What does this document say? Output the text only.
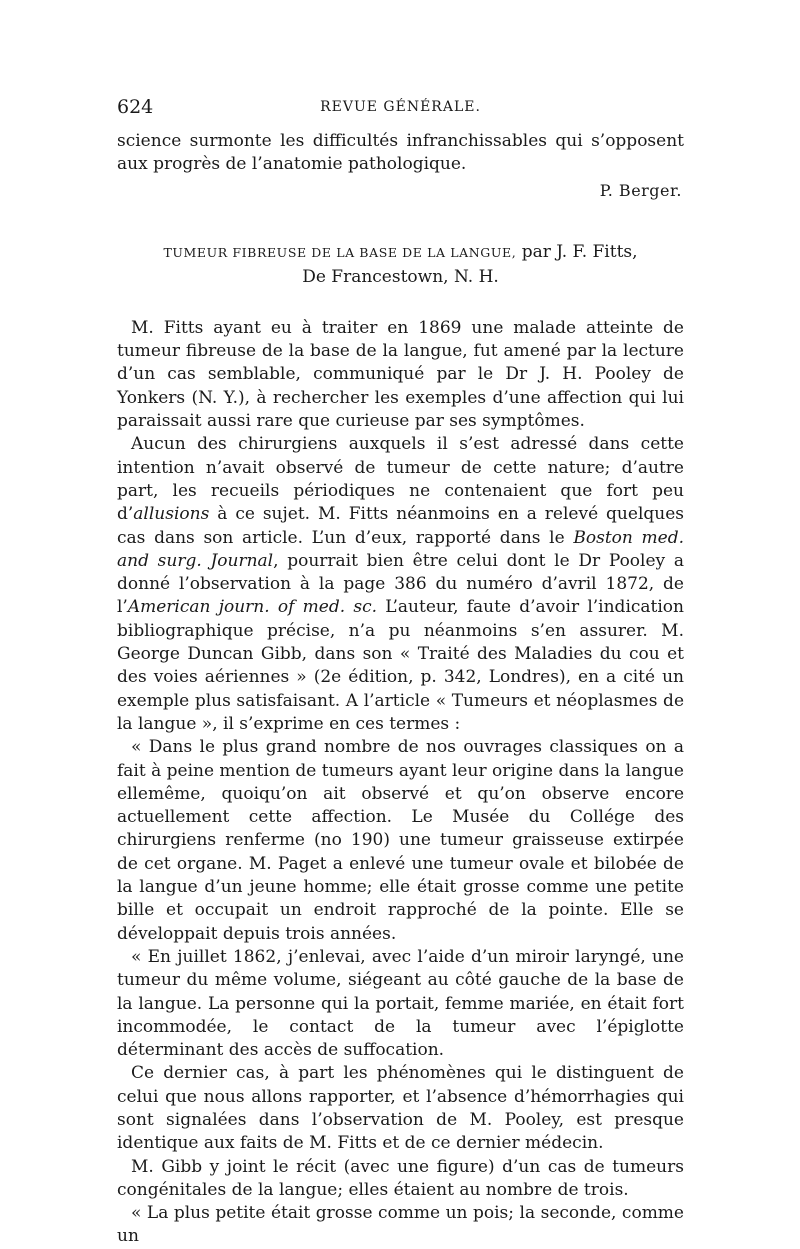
624	REVUE GÉNÉRALE.

science surmonte les difficultés infranchissables qui s’opposent aux progrès de l’anatomie pathologique.

P. Berger.

TUMEUR FIBREUSE DE LA BASE DE LA LANGUE, par J. F. Fitts,
De Francestown, N. H.

M. Fitts ayant eu à traiter en 1869 une malade atteinte de tumeur fibreuse de la base de la langue, fut amené par la lecture d’un cas semblable, communiqué par le Dr J. H. Pooley de Yonkers (N. Y.), à rechercher les exemples d’une affection qui lui paraissait aussi rare que curieuse par ses symptômes.

Aucun des chirurgiens auxquels il s’est adressé dans cette intention n’avait observé de tumeur de cette nature; d’autre part, les recueils périodiques ne contenaient que fort peu d’allusions à ce sujet. M. Fitts néanmoins en a relevé quelques cas dans son article. L’un d’eux, rapporté dans le Boston med. and surg. Journal, pourrait bien être celui dont le Dr Pooley a donné l’observation à la page 386 du numéro d’avril 1872, de l’American journ. of med. sc. L’auteur, faute d’avoir l’indication bibliographique précise, n’a pu néanmoins s’en assurer. M. George Duncan Gibb, dans son « Traité des Maladies du cou et des voies aériennes » (2e édition, p. 342, Londres), en a cité un exemple plus satisfaisant. A l’article « Tumeurs et néoplasmes de la langue », il s’exprime en ces termes :

« Dans le plus grand nombre de nos ouvrages classiques on a fait à peine mention de tumeurs ayant leur origine dans la langue ellemême, quoiqu’on ait observé et qu’on observe encore actuellement cette affection. Le Musée du Collége des chirurgiens renferme (no 190) une tumeur graisseuse extirpée de cet organe. M. Paget a enlevé une tumeur ovale et bilobée de la langue d’un jeune homme; elle était grosse comme une petite bille et occupait un endroit rapproché de la pointe. Elle se développait depuis trois années.

« En juillet 1862, j’enlevai, avec l’aide d’un miroir laryngé, une tumeur du même volume, siégeant au côté gauche de la base de la langue. La personne qui la portait, femme mariée, en était fort incommodée, le contact de la tumeur avec l’épiglotte déterminant des accès de suffocation.

Ce dernier cas, à part les phénomènes qui le distinguent de celui que nous allons rapporter, et l’absence d’hémorrhagies qui sont signalées dans l’observation de M. Pooley, est presque identique aux faits de M. Fitts et de ce dernier médecin.

M. Gibb y joint le récit (avec une figure) d’un cas de tumeurs congénitales de la langue; elles étaient au nombre de trois.

« La plus petite était grosse comme un pois; la seconde, comme un
